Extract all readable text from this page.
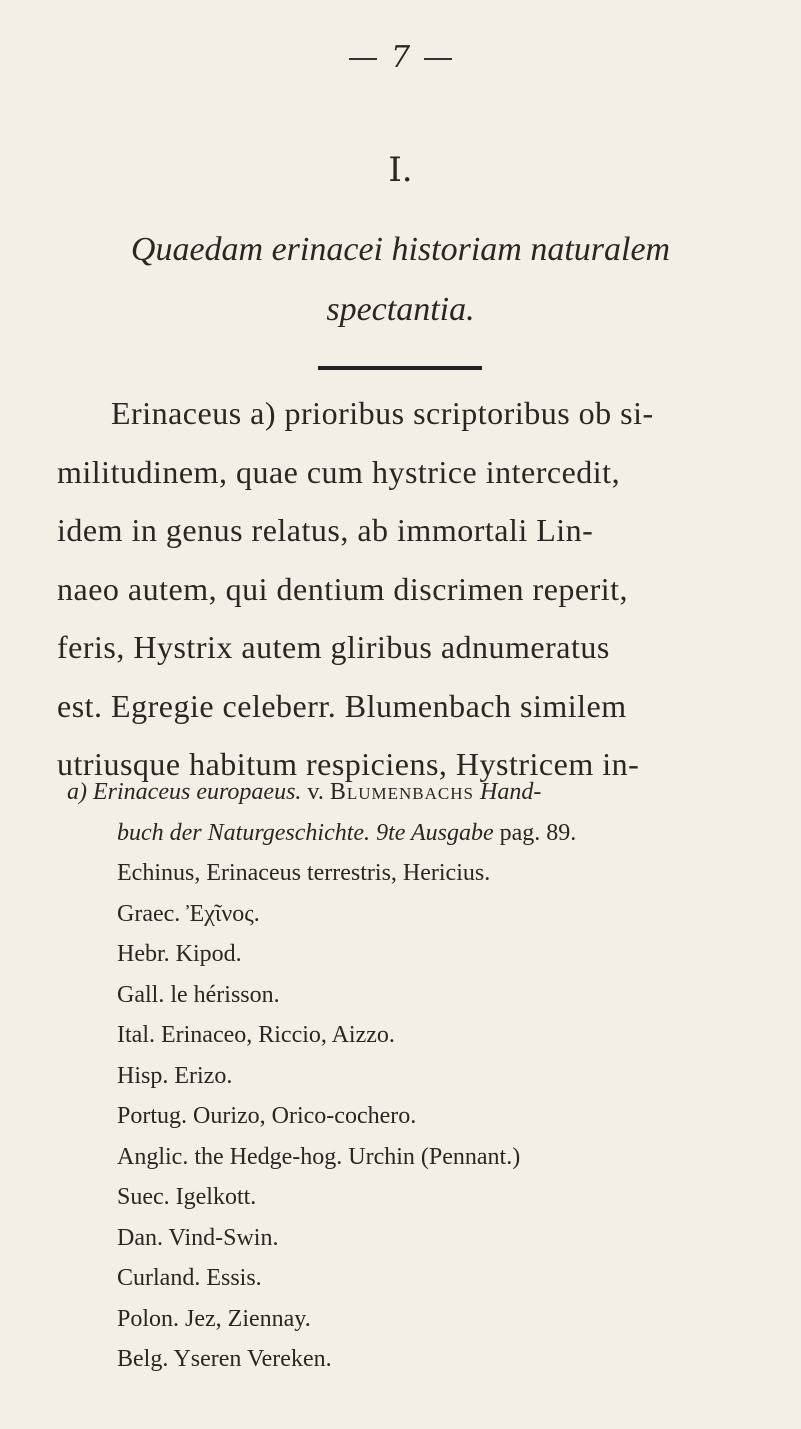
7
I.
Quaedam erinacei historiam naturalem
spectantia.
Erinaceus a) prioribus scriptoribus ob si-
militudinem, quae cum hystrice intercedit,
idem in genus relatus, ab immortali Lin-
naeo autem, qui dentium discrimen reperit,
feris, Hystrix autem gliribus adnumeratus
est. Egregie celeberr. Blumenbach similem
utriusque habitum respiciens, Hystricem in-
a) Erinaceus europaeus. v. Blumenbachs Hand-
buch der Naturgeschichte. 9te Ausgabe pag. 89.
Echinus, Erinaceus terrestris, Hericius.
Graec. Ἐχῖνος.
Hebr. Kipod.
Gall. le hérisson.
Ital. Erinaceo, Riccio, Aizzo.
Hisp. Erizo.
Portug. Ourizo, Orico-cochero.
Anglic. the Hedge-hog. Urchin (Pennant.)
Suec. Igelkott.
Dan. Vind-Swin.
Curland. Essis.
Polon. Jez, Ziennay.
Belg. Yseren Vereken.
